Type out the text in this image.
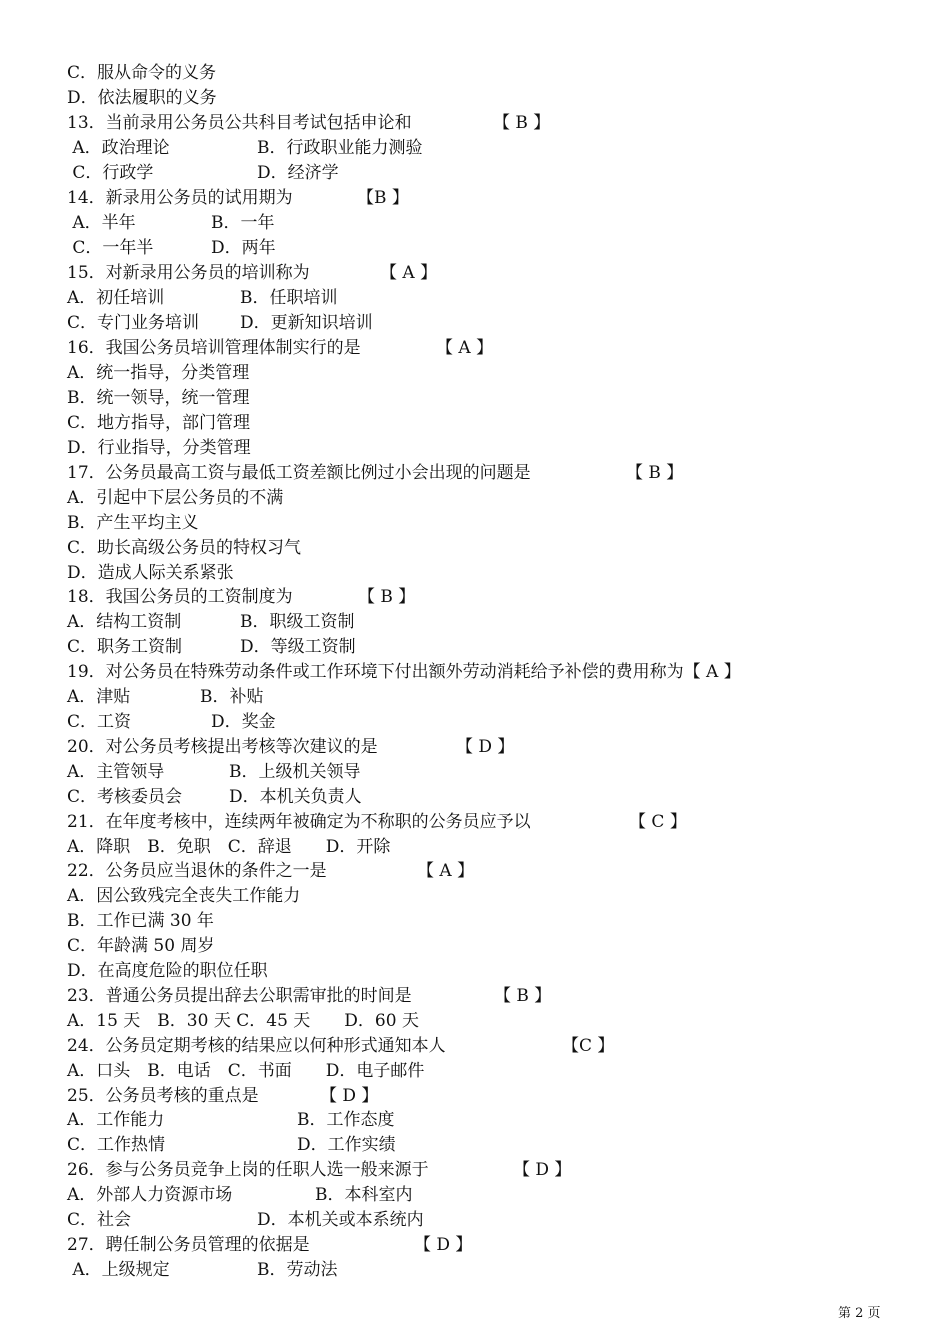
C．服从命令的义务
D．依法履职的义务
13．当前录用公务员公共科目考试包括申论和	【 B 】
A．政治理论	B．行政职业能力测验
C．行政学	D．经济学
14．新录用公务员的试用期为	【B 】
A．半年	B．一年
C．一年半	D．两年
15．对新录用公务员的培训称为	【 A 】
A．初任培训	B．任职培训
C．专门业务培训 D．更新知识培训
16．我国公务员培训管理体制实行的是	【 A 】
A．统一指导，分类管理
B．统一领导，统一管理
C．地方指导，部门管理
D．行业指导，分类管理
17．公务员最高工资与最低工资差额比例过小会出现的问题是	【 B 】
A．引起中下层公务员的不满
B．产生平均主义
C．助长高级公务员的特权习气
D．造成人际关系紧张
18．我国公务员的工资制度为	【 B 】
A．结构工资制	B．职级工资制
C．职务工资制	D．等级工资制
19．对公务员在特殊劳动条件或工作环境下付出额外劳动消耗给予补偿的费用称为【 A 】
A．津贴	B．补贴
C．工资	D．奖金
20．对公务员考核提出考核等次建议的是	【 D 】
A．主管领导	B．上级机关领导
C．考核委员会	D．本机关负责人
21．在年度考核中，连续两年被确定为不称职的公务员应予以	【 C 】
A．降职　B．免职　C．辞退　　D．开除
22．公务员应当退休的条件之一是	【 A 】
A．因公致残完全丧失工作能力
B．工作已满 30 年
C．年龄满 50 周岁
D．在高度危险的职位任职
23．普通公务员提出辞去公职需审批的时间是	【 B 】
A．15 天　B．30 天 C．45 天　　D．60 天
24．公务员定期考核的结果应以何种形式通知本人	【C 】
A．口头　B．电话　C．书面　　D．电子邮件
25．公务员考核的重点是	【 D 】
A．工作能力	B．工作态度
C．工作热情	D．工作实绩
26．参与公务员竞争上岗的任职人选一般来源于	【 D 】
A．外部人力资源市场	B．本科室内
C．社会	D．本机关或本系统内
27．聘任制公务员管理的依据是	【 D 】
A．上级规定	B．劳动法
第 2 页
